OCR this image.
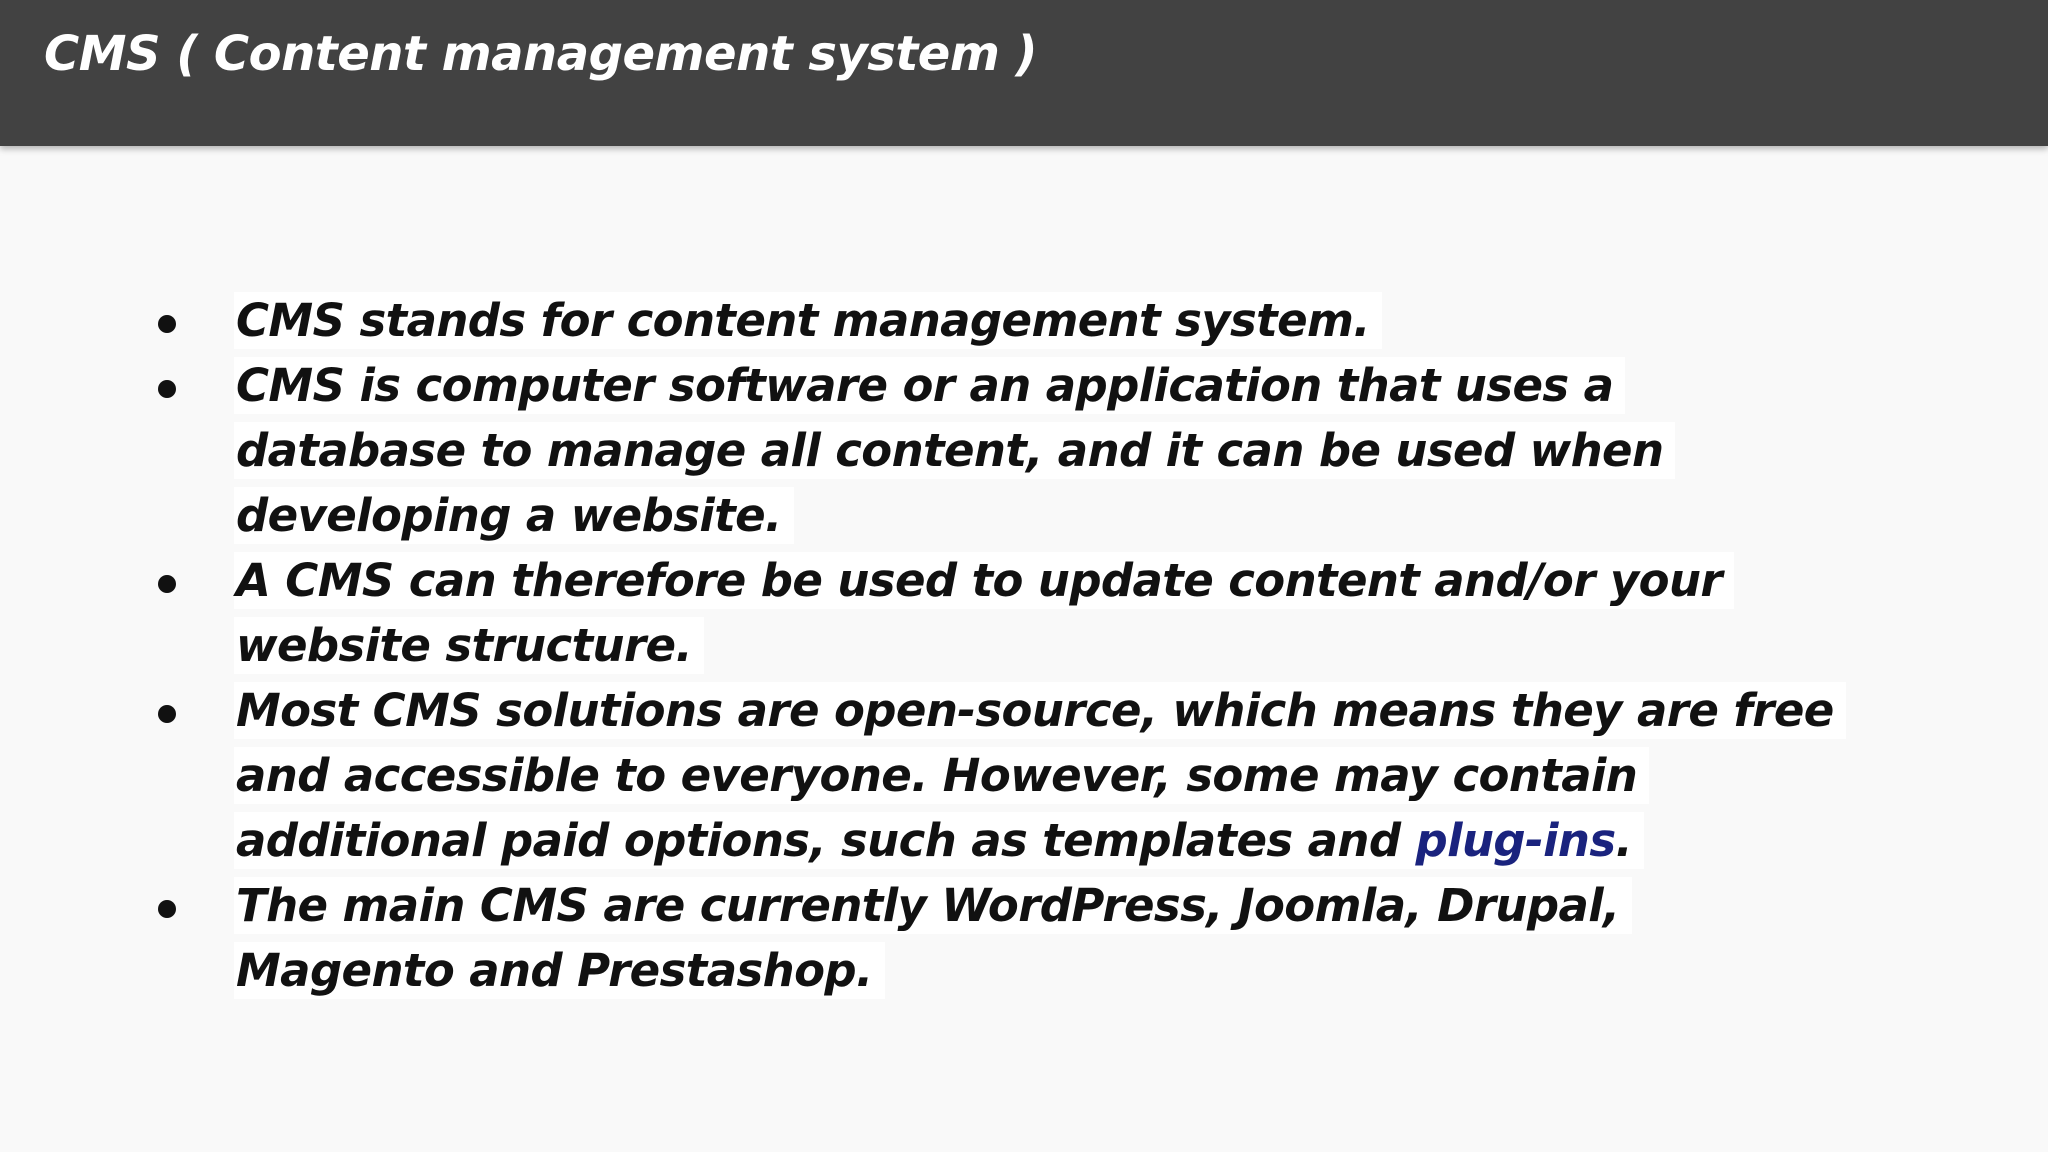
CMS ( Content management system )
CMS stands for content management system.
CMS is computer software or an application that uses a
database to manage all content, and it can be used when
developing a website.
A CMS can therefore be used to update content and/or your
website structure.
Most CMS solutions are open-source, which means they are free
and accessible to everyone. However, some may contain
additional paid options, such as templates and plug-ins.
The main CMS are currently WordPress, Joomla, Drupal,
Magento and Prestashop.
